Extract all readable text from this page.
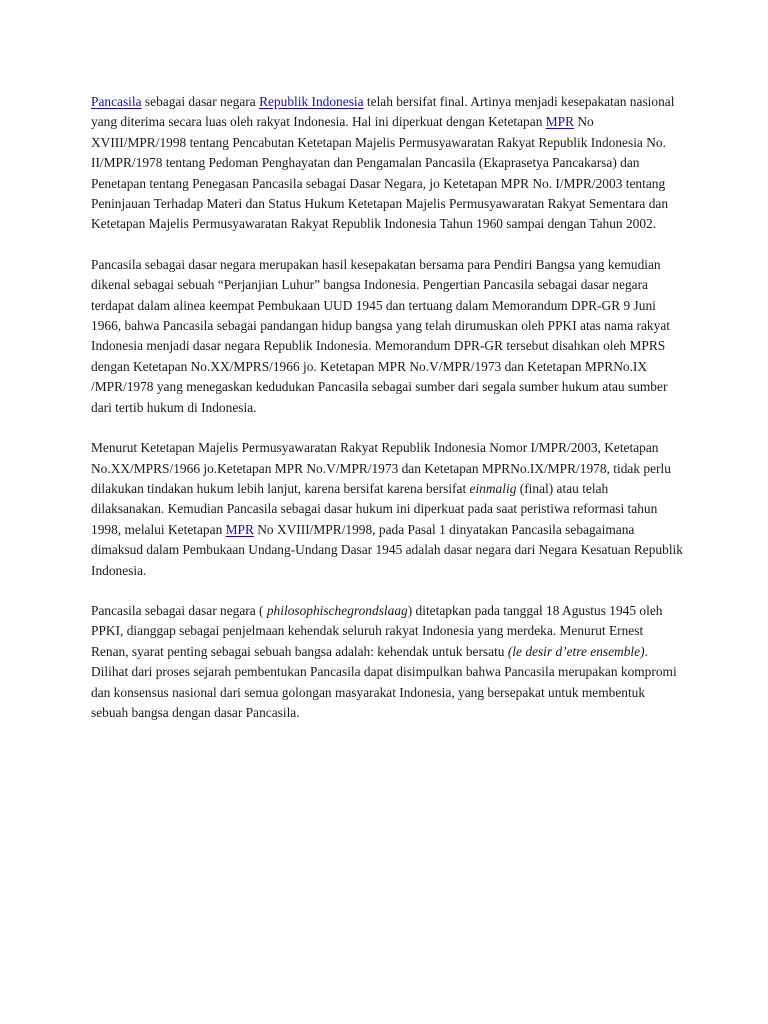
Pancasila sebagai dasar negara Republik Indonesia telah bersifat final. Artinya menjadi kesepakatan nasional yang diterima secara luas oleh rakyat Indonesia. Hal ini diperkuat dengan Ketetapan MPR No XVIII/MPR/1998 tentang Pencabutan Ketetapan Majelis Permusyawaratan Rakyat Republik Indonesia No. II/MPR/1978 tentang Pedoman Penghayatan dan Pengamalan Pancasila (Ekaprasetya Pancakarsa) dan Penetapan tentang Penegasan Pancasila sebagai Dasar Negara, jo Ketetapan MPR No. I/MPR/2003 tentang Peninjauan Terhadap Materi dan Status Hukum Ketetapan Majelis Permusyawaratan Rakyat Sementara dan Ketetapan Majelis Permusyawaratan Rakyat Republik Indonesia Tahun 1960 sampai dengan Tahun 2002.

Pancasila sebagai dasar negara merupakan hasil kesepakatan bersama para Pendiri Bangsa yang kemudian dikenal sebagai sebuah “Perjanjian Luhur” bangsa Indonesia. Pengertian Pancasila sebagai dasar negara terdapat dalam alinea keempat Pembukaan UUD 1945 dan tertuang dalam Memorandum DPR-GR 9 Juni 1966, bahwa Pancasila sebagai pandangan hidup bangsa yang telah dirumuskan oleh PPKI atas nama rakyat Indonesia menjadi dasar negara Republik Indonesia. Memorandum DPR-GR tersebut disahkan oleh MPRS dengan Ketetapan No.XX/MPRS/1966 jo. Ketetapan MPR No.V/MPR/1973 dan Ketetapan MPRNo.IX /MPR/1978 yang menegaskan kedudukan Pancasila sebagai sumber dari segala sumber hukum atau sumber dari tertib hukum di Indonesia.

Menurut Ketetapan Majelis Permusyawaratan Rakyat Republik Indonesia Nomor I/MPR/2003, Ketetapan No.XX/MPRS/1966 jo.Ketetapan MPR No.V/MPR/1973 dan Ketetapan MPRNo.IX/MPR/1978, tidak perlu dilakukan tindakan hukum lebih lanjut, karena bersifat karena bersifat einmalig (final) atau telah dilaksanakan. Kemudian Pancasila sebagai dasar hukum ini diperkuat pada saat peristiwa reformasi tahun 1998, melalui Ketetapan MPR No XVIII/MPR/1998, pada Pasal 1 dinyatakan Pancasila sebagaimana dimaksud dalam Pembukaan Undang-Undang Dasar 1945 adalah dasar negara dari Negara Kesatuan Republik Indonesia.

Pancasila sebagai dasar negara ( philosophischegrondslaag) ditetapkan pada tanggal 18 Agustus 1945 oleh PPKI, dianggap sebagai penjelmaan kehendak seluruh rakyat Indonesia yang merdeka. Menurut Ernest Renan, syarat penting sebagai sebuah bangsa adalah: kehendak untuk bersatu (le desir d’etre ensemble). Dilihat dari proses sejarah pembentukan Pancasila dapat disimpulkan bahwa Pancasila merupakan kompromi dan konsensus nasional dari semua golongan masyarakat Indonesia, yang bersepakat untuk membentuk sebuah bangsa dengan dasar Pancasila.
